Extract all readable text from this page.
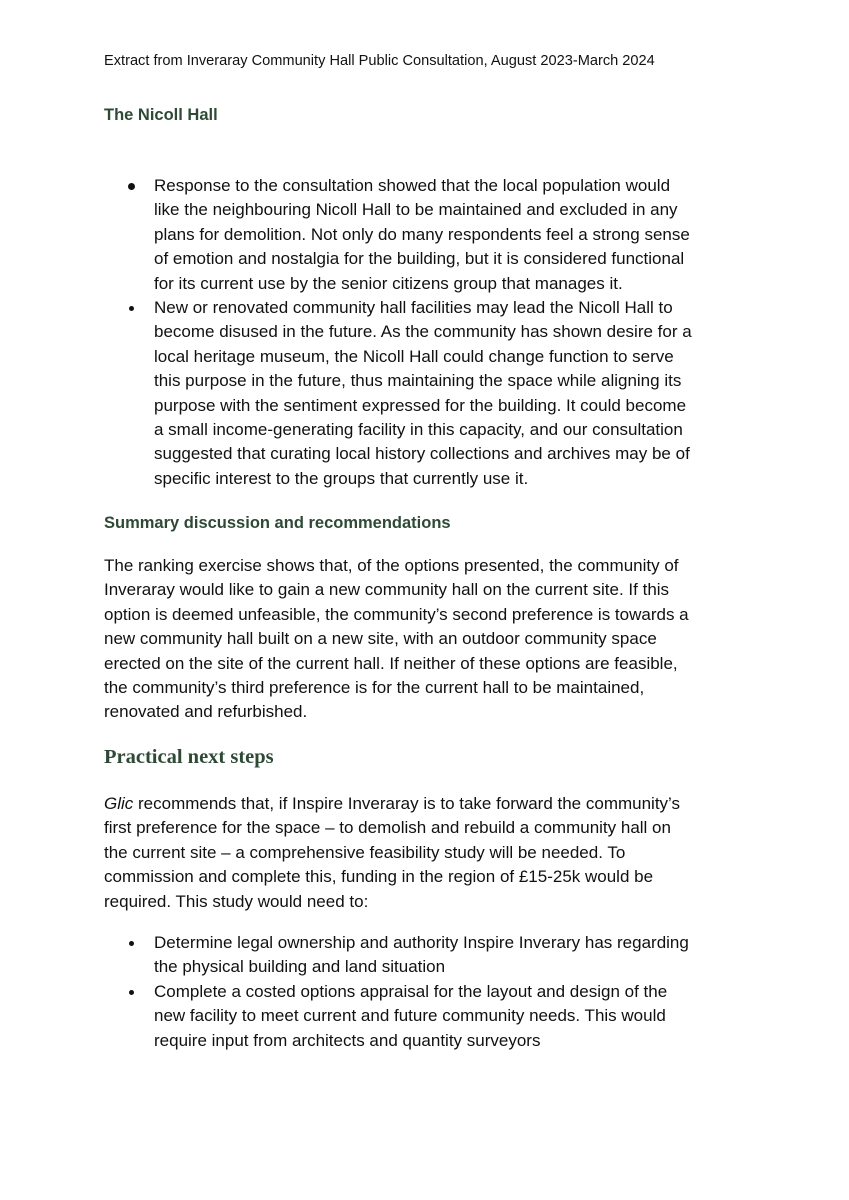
Extract from Inveraray Community Hall Public Consultation, August 2023-March 2024
The Nicoll Hall
Response to the consultation showed that the local population would
like the neighbouring Nicoll Hall to be maintained and excluded in any
plans for demolition. Not only do many respondents feel a strong sense
of emotion and nostalgia for the building, but it is considered functional
for its current use by the senior citizens group that manages it.
New or renovated community hall facilities may lead the Nicoll Hall to
become disused in the future. As the community has shown desire for a
local heritage museum, the Nicoll Hall could change function to serve
this purpose in the future, thus maintaining the space while aligning its
purpose with the sentiment expressed for the building. It could become
a small income-generating facility in this capacity, and our consultation
suggested that curating local history collections and archives may be of
specific interest to the groups that currently use it.
Summary discussion and recommendations

The ranking exercise shows that, of the options presented, the community of
Inveraray would like to gain a new community hall on the current site. If this
option is deemed unfeasible, the community’s second preference is towards a
new community hall built on a new site, with an outdoor community space
erected on the site of the current hall. If neither of these options are feasible,
the community’s third preference is for the current hall to be maintained,
renovated and refurbished.

Practical next steps

Glic recommends that, if Inspire Inveraray is to take forward the community’s
first preference for the space – to demolish and rebuild a community hall on
the current site – a comprehensive feasibility study will be needed. To
commission and complete this, funding in the region of £15-25k would be
required. This study would need to:

Determine legal ownership and authority Inspire Inverary has regarding
the physical building and land situation
Complete a costed options appraisal for the layout and design of the
new facility to meet current and future community needs. This would
require input from architects and quantity surveyors
